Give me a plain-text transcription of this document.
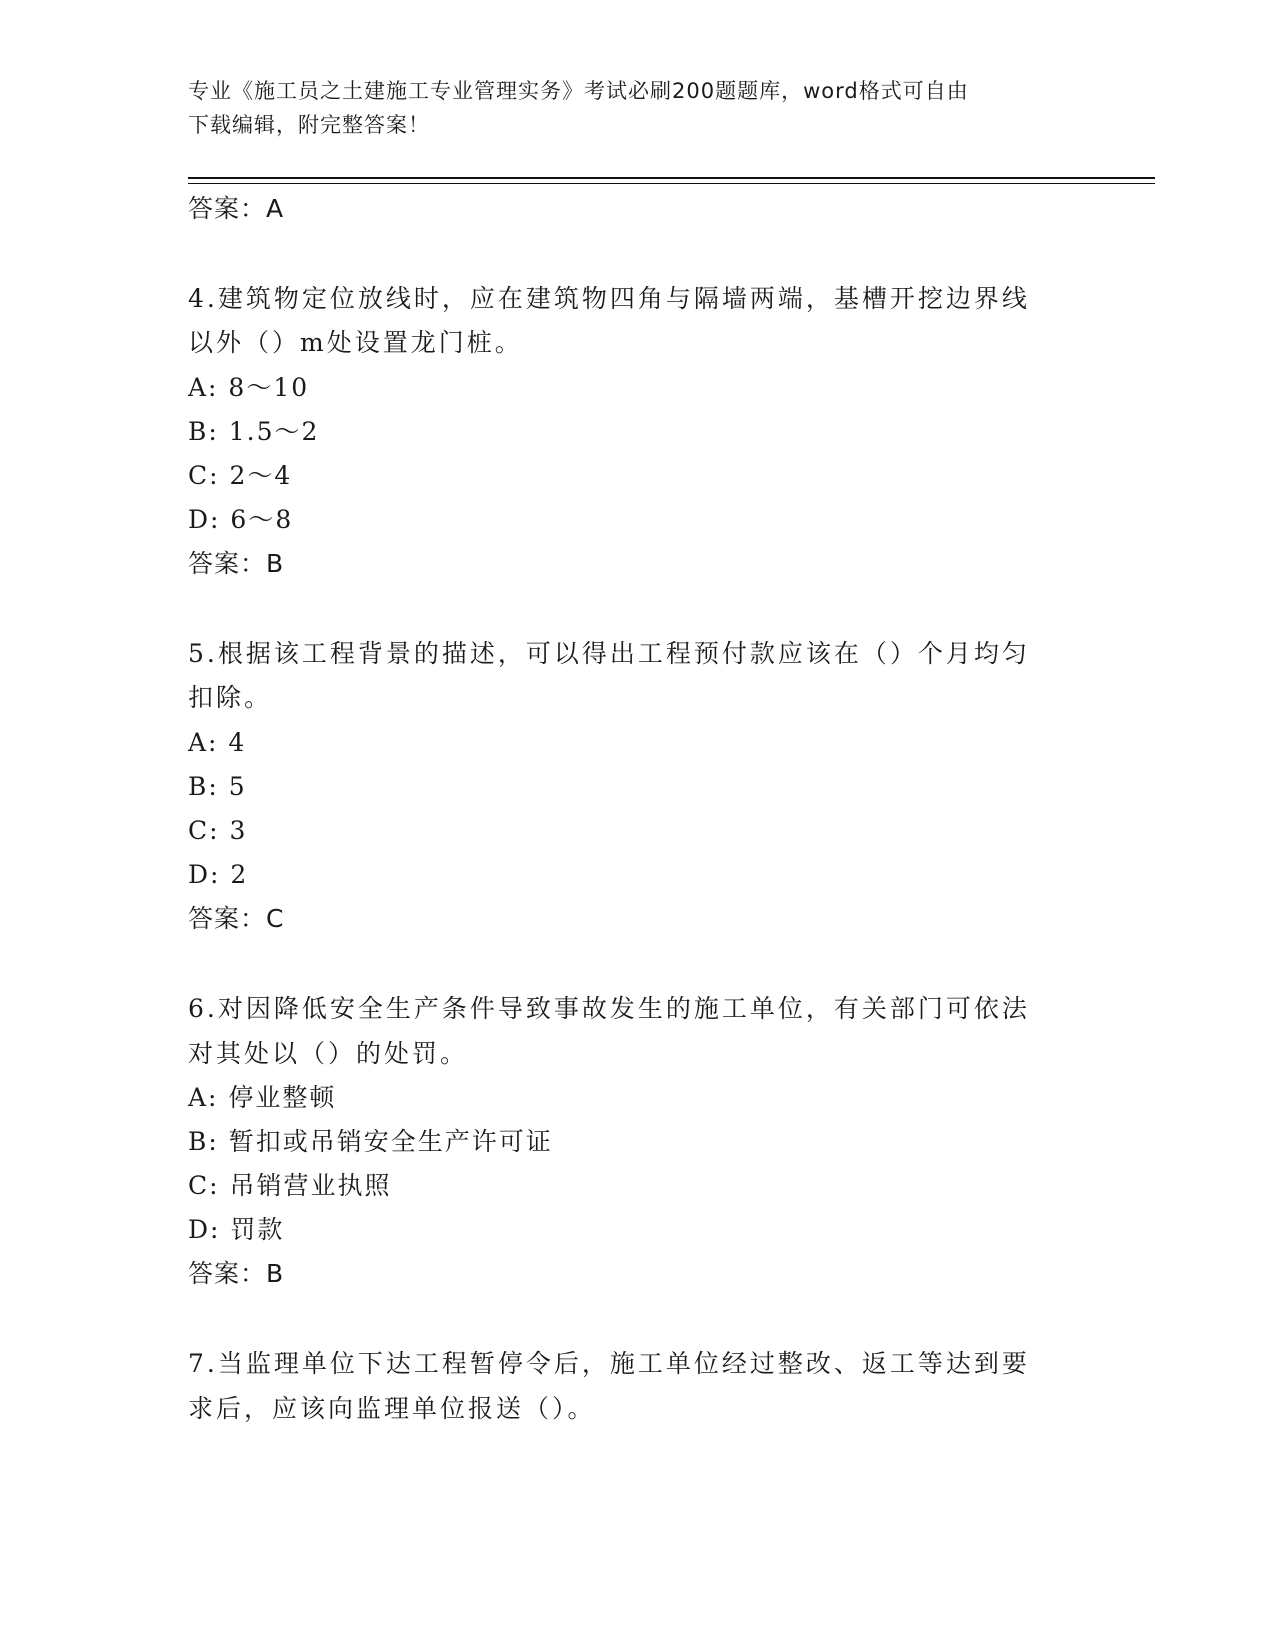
专业《施工员之土建施工专业管理实务》考试必刷200题题库，word格式可自由
下载编辑，附完整答案！
答案：A
4.建筑物定位放线时，应在建筑物四角与隔墙两端，基槽开挖边界线
以外（）m处设置龙门桩。
A: 8～10
B: 1.5～2
C: 2～4
D: 6～8
答案：B
5.根据该工程背景的描述，可以得出工程预付款应该在（）个月均匀
扣除。
A: 4
B: 5
C: 3
D: 2
答案：C
6.对因降低安全生产条件导致事故发生的施工单位，有关部门可依法
对其处以（）的处罚。
A: 停业整顿
B: 暂扣或吊销安全生产许可证
C: 吊销营业执照
D: 罚款
答案：B
7.当监理单位下达工程暂停令后，施工单位经过整改、返工等达到要
求后，应该向监理单位报送（）。
